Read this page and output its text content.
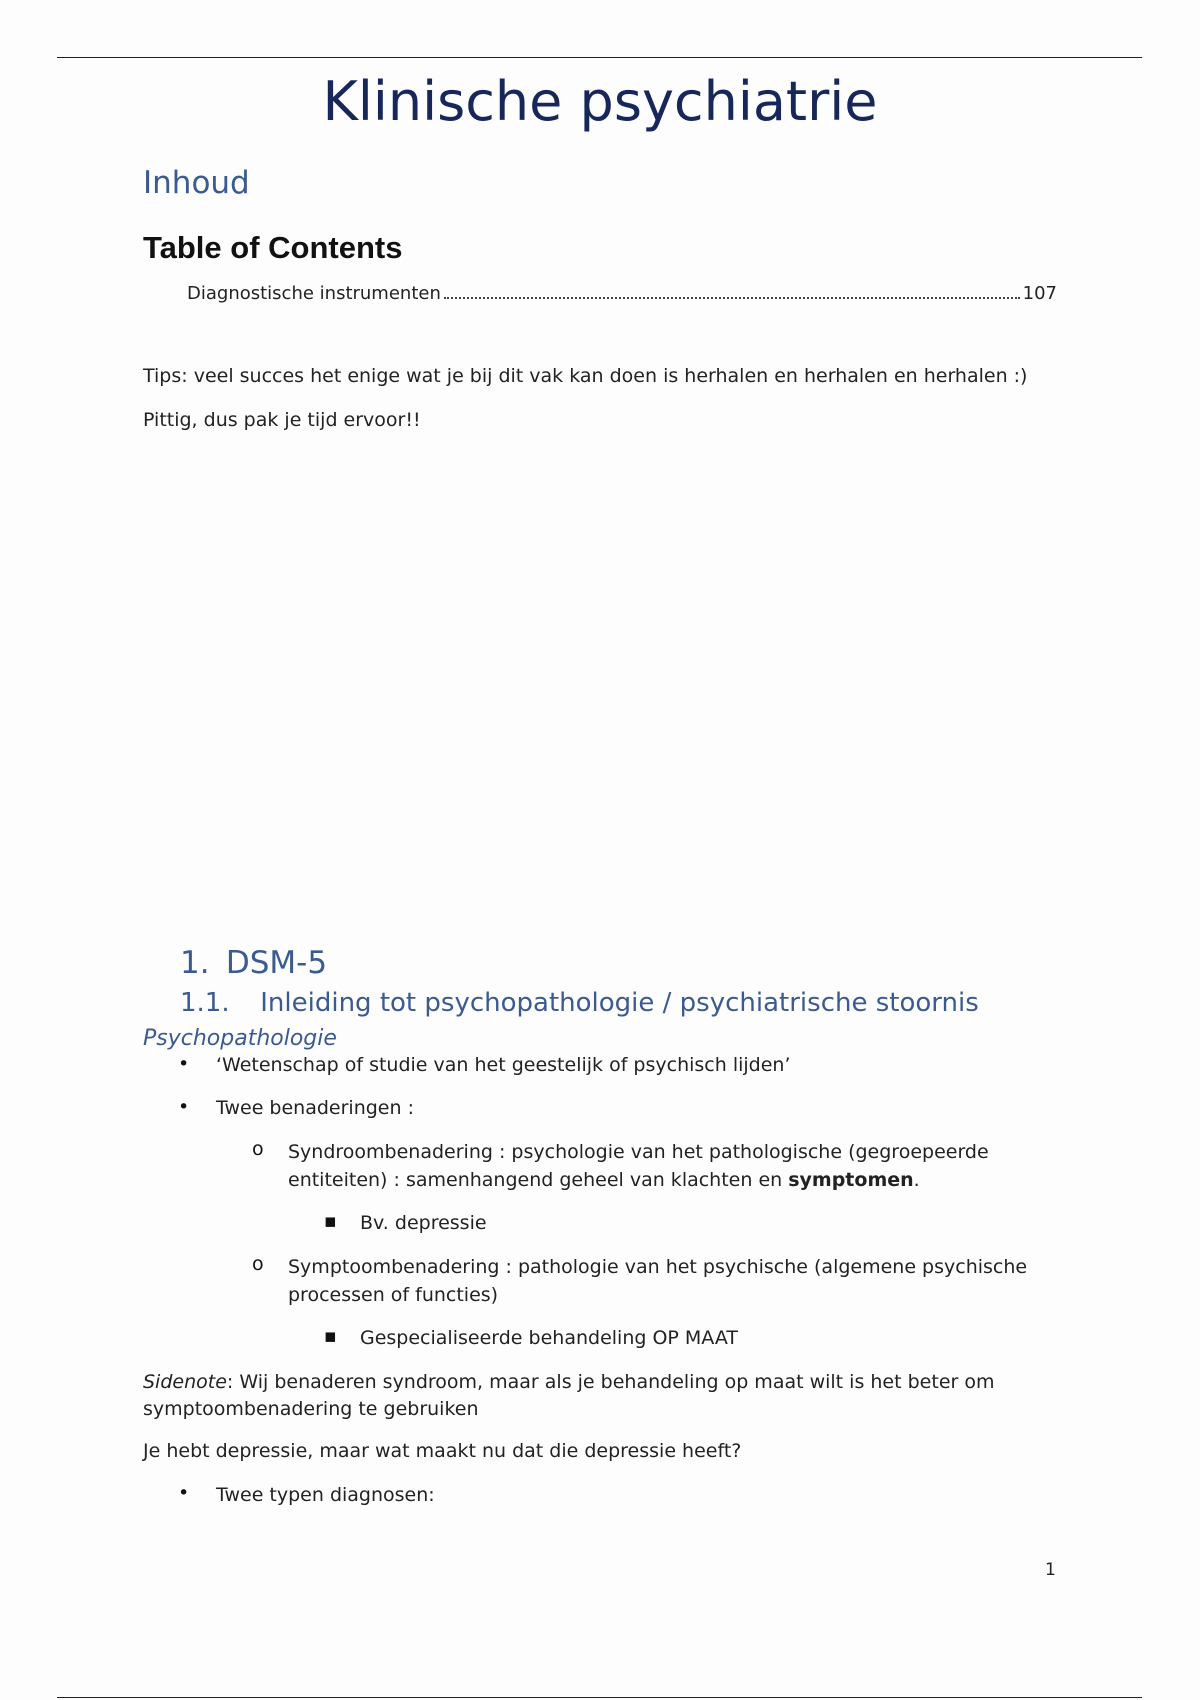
Klinische psychiatrie
Inhoud
Table of Contents
Diagnostische instrumenten	107
Tips: veel succes het enige wat je bij dit vak kan doen is herhalen en herhalen en herhalen :)
Pittig, dus pak je tijd ervoor!!
1. DSM-5
1.1. Inleiding tot psychopathologie / psychiatrische stoornis
Psychopathologie
• ‘Wetenschap of studie van het geestelijk of psychisch lijden’
• Twee benaderingen :
o Syndroombenadering : psychologie van het pathologische (gegroepeerde
entiteiten) : samenhangend geheel van klachten en symptomen.
▪ Bv. depressie
o Symptoombenadering : pathologie van het psychische (algemene psychische
processen of functies)
▪ Gespecialiseerde behandeling OP MAAT
Sidenote: Wij benaderen syndroom, maar als je behandeling op maat wilt is het beter om
symptoombenadering te gebruiken
Je hebt depressie, maar wat maakt nu dat die depressie heeft?
• Twee typen diagnosen:
1
